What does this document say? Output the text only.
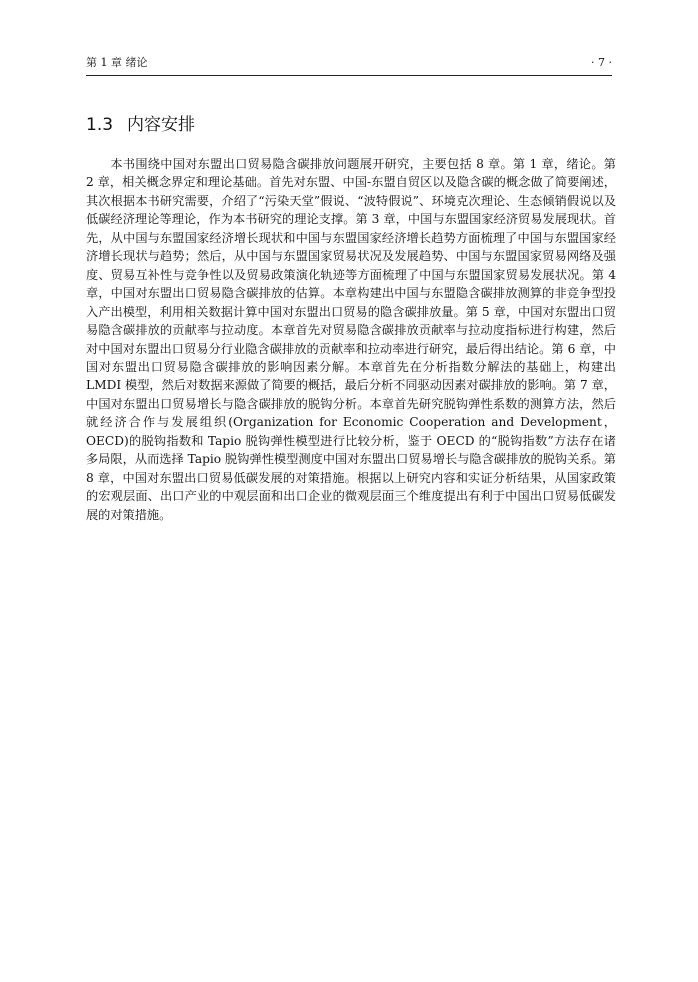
第 1 章 绪论	· 7 ·
1.3 内容安排

本书围绕中国对东盟出口贸易隐含碳排放问题展开研究，主要包括 8 章。第 1 章，绪论。第 2 章，相关概念界定和理论基础。首先对东盟、中国-东盟自贸区以及隐含碳的概念做了简要阐述，其次根据本书研究需要，介绍了“污染天堂”假说、“波特假说”、环境克次理论、生态倾销假说以及低碳经济理论等理论，作为本书研究的理论支撑。第 3 章，中国与东盟国家经济贸易发展现状。首先，从中国与东盟国家经济增长现状和中国与东盟国家经济增长趋势方面梳理了中国与东盟国家经济增长现状与趋势；然后，从中国与东盟国家贸易状况及发展趋势、中国与东盟国家贸易网络及强度、贸易互补性与竞争性以及贸易政策演化轨迹等方面梳理了中国与东盟国家贸易发展状况。第 4 章，中国对东盟出口贸易隐含碳排放的估算。本章构建出中国与东盟隐含碳排放测算的非竞争型投入产出模型，利用相关数据计算中国对东盟出口贸易的隐含碳排放量。第 5 章，中国对东盟出口贸易隐含碳排放的贡献率与拉动度。本章首先对贸易隐含碳排放贡献率与拉动度指标进行构建，然后对中国对东盟出口贸易分行业隐含碳排放的贡献率和拉动率进行研究，最后得出结论。第 6 章，中国对东盟出口贸易隐含碳排放的影响因素分解。本章首先在分析指数分解法的基础上，构建出 LMDI 模型，然后对数据来源做了简要的概括，最后分析不同驱动因素对碳排放的影响。第 7 章，中国对东盟出口贸易增长与隐含碳排放的脱钩分析。本章首先研究脱钩弹性系数的测算方法，然后就经济合作与发展组织(Organization for Economic Cooperation and Development， OECD)的脱钩指数和 Tapio 脱钩弹性模型进行比较分析，鉴于 OECD 的“脱钩指数”方法存在诸多局限，从而选择 Tapio 脱钩弹性模型测度中国对东盟出口贸易增长与隐含碳排放的脱钩关系。第 8 章，中国对东盟出口贸易低碳发展的对策措施。根据以上研究内容和实证分析结果，从国家政策的宏观层面、出口产业的中观层面和出口企业的微观层面三个维度提出有利于中国出口贸易低碳发展的对策措施。
